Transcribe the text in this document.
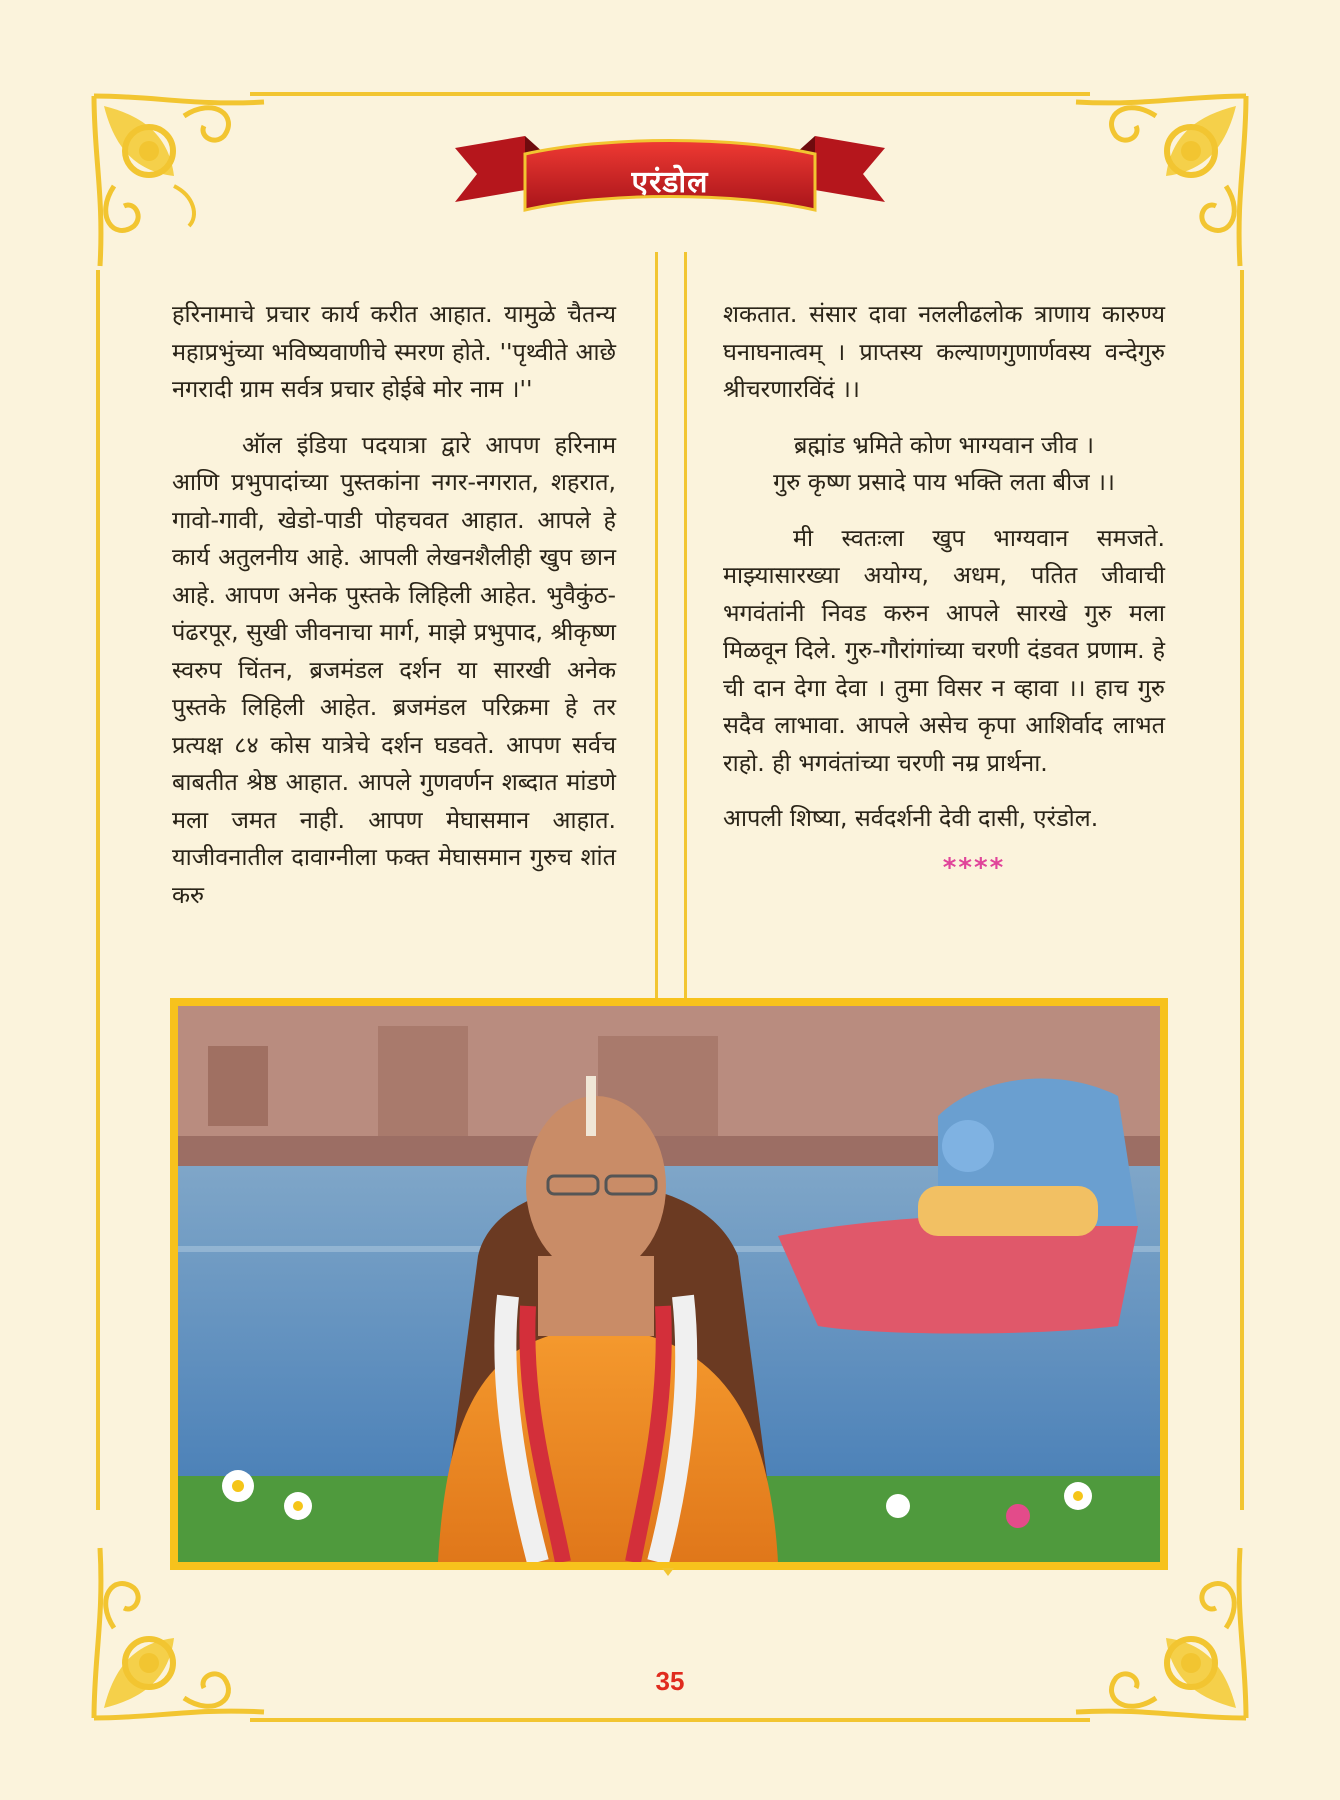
एरंडोल

हरिनामाचे प्रचार कार्य करीत आहात. यामुळे चैतन्य महाप्रभुंच्या भविष्यवाणीचे स्मरण होते. ''पृथ्वीते आछे नगरादी ग्राम सर्वत्र प्रचार होईबे मोर नाम ।''

ऑल इंडिया पदयात्रा द्वारे आपण हरिनाम आणि प्रभुपादांच्या पुस्तकांना नगर-नगरात, शहरात, गावो-गावी, खेडो-पाडी पोहचवत आहात. आपले हे कार्य अतुलनीय आहे. आपली लेखनशैलीही खुप छान आहे. आपण अनेक पुस्तके लिहिली आहेत. भुवैकुंठ-पंढरपूर, सुखी जीवनाचा मार्ग, माझे प्रभुपाद, श्रीकृष्ण स्वरुप चिंतन, ब्रजमंडल दर्शन या सारखी अनेक पुस्तके लिहिली आहेत. ब्रजमंडल परिक्रमा हे तर प्रत्यक्ष ८४ कोस यात्रेचे दर्शन घडवते. आपण सर्वच बाबतीत श्रेष्ठ आहात. आपले गुणवर्णन शब्दात मांडणे मला जमत नाही. आपण मेघासमान आहात. याजीवनातील दावाग्नीला फक्त मेघासमान गुरुच शांत करु

शकतात. संसार दावा नललीढलोक त्राणाय कारुण्य घनाघनात्वम् । प्राप्तस्य कल्याणगुणार्णवस्य वन्देगुरु श्रीचरणारविंदं ।।

ब्रह्मांड भ्रमिते कोण भाग्यवान जीव ।

गुरु कृष्ण प्रसादे पाय भक्ति लता बीज ।।

मी स्वतःला खुप भाग्यवान समजते. माझ्यासारख्या अयोग्य, अधम, पतित जीवाची भगवंतांनी निवड करुन आपले सारखे गुरु मला मिळवून दिले. गुरु-गौरांगांच्या चरणी दंडवत प्रणाम. हे ची दान देगा देवा । तुमा विसर न व्हावा ।। हाच गुरु सदैव लाभावा. आपले असेच कृपा आशिर्वाद लाभत राहो. ही भगवंतांच्या चरणी नम्र प्रार्थना.

आपली शिष्या, सर्वदर्शनी देवी दासी, एरंडोल.

****
35
